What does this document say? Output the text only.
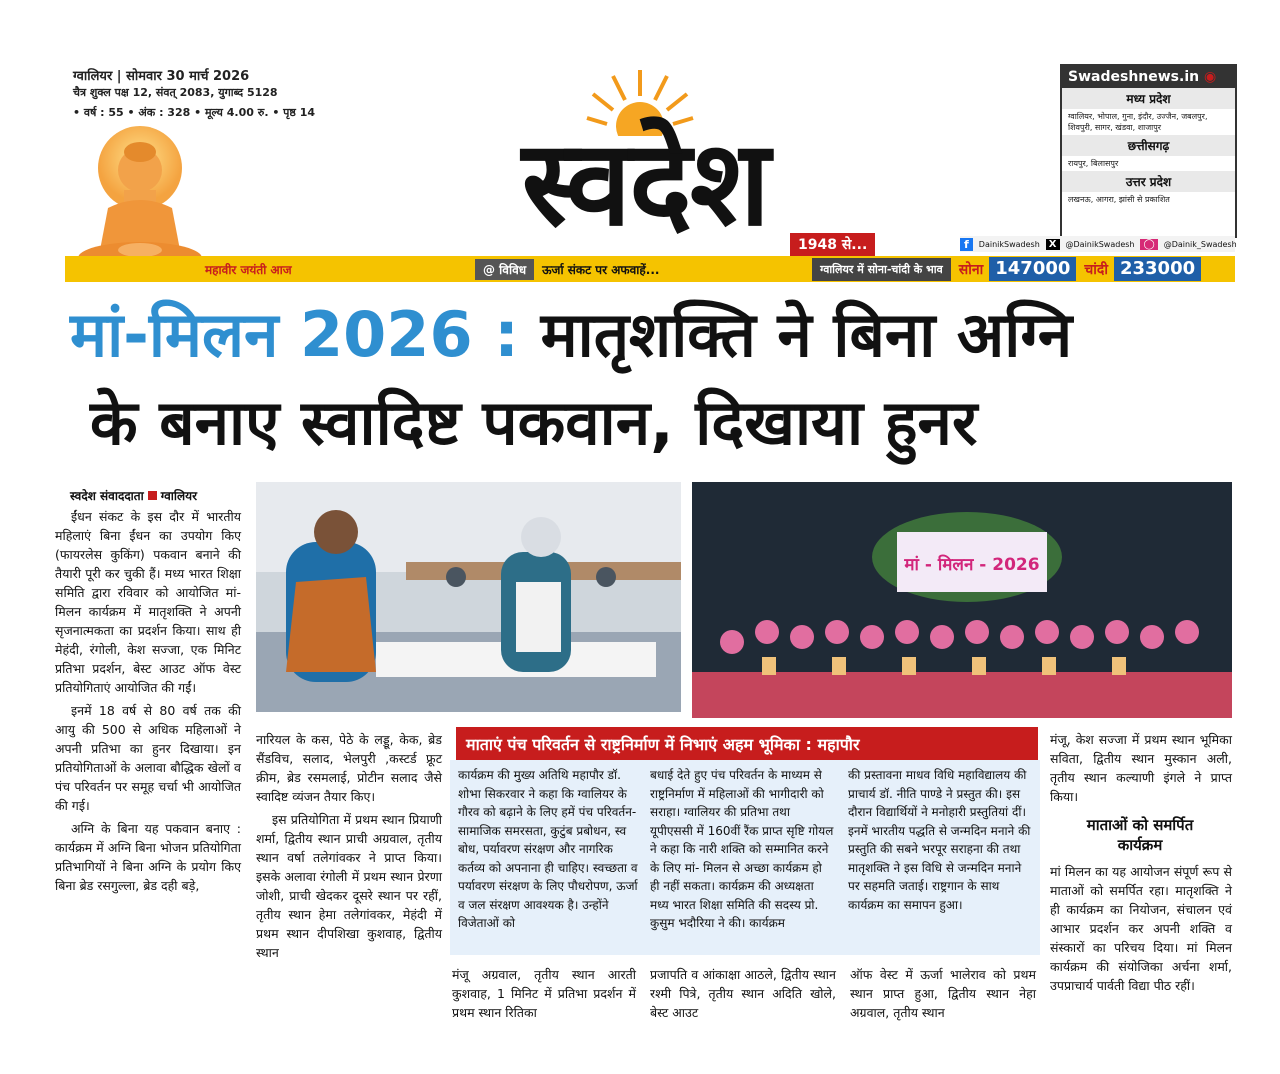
ग्वालियर | सोमवार 30 मार्च 2026
चैत्र शुक्ल पक्ष 12, संवत् 2083, युगाब्द 5128
• वर्ष : 55 • अंक : 328 • मूल्य 4.00 रु. • पृष्ठ 14
स्वदेश	1948 से...
Swadeshnews.in ◉
मध्य प्रदेश
ग्वालियर, भोपाल, गुना, इंदौर, उज्जैन, जबलपुर, शिवपुरी, सागर, खंडवा, शाजापुर
छत्तीसगढ़
रायपुर, बिलासपुर
उत्तर प्रदेश
लखनऊ, आगरा, झांसी से प्रकाशित
f	DainikSwadesh X	@DainikSwadesh ◯	@Dainik_Swadesh
महावीर जयंती आज	@ विविध	ऊर्जा संकट पर अफवाहें...	ग्वालियर में सोना-चांदी के भाव	सोना 147000	चांदी 233000
मां-मिलन 2026 : मातृशक्ति ने बिना अग्नि
के बनाए स्वादिष्ट पकवान, दिखाया हुनर
स्वदेश संवाददाता ग्वालियर

ईंधन संकट के इस दौर में भारतीय महिलाएं बिना ईंधन का उपयोग किए (फायरलेस कुकिंग) पकवान बनाने की तैयारी पूरी कर चुकी हैं। मध्य भारत शिक्षा समिति द्वारा रविवार को आयोजित मां-मिलन कार्यक्रम में मातृशक्ति ने अपनी सृजनात्मकता का प्रदर्शन किया। साथ ही मेहंदी, रंगोली, केश सज्जा, एक मिनिट प्रतिभा प्रदर्शन, बेस्ट आउट ऑफ वेस्ट प्रतियोगिताएं आयोजित की गईं।

इनमें 18 वर्ष से 80 वर्ष तक की आयु की 500 से अधिक महिलाओं ने अपनी प्रतिभा का हुनर दिखाया। इन प्रतियोगिताओं के अलावा बौद्धिक खेलों व पंच परिवर्तन पर समूह चर्चा भी आयोजित की गई।

अग्नि के बिना यह पकवान बनाए : कार्यक्रम में अग्नि बिना भोजन प्रतियोगिता प्रतिभागियों ने बिना अग्नि के प्रयोग किए बिना ब्रेड रसगुल्ला, ब्रेड दही बड़े,

मां - मिलन - 2026

नारियल के कस, पेठे के लड्डू, केक, ब्रेड सैंडविच, सलाद, भेलपुरी ,कस्टर्ड फ्रूट क्रीम, ब्रेड रसमलाई, प्रोटीन सलाद जैसे स्वादिष्ट व्यंजन तैयार किए।

इस प्रतियोगिता में प्रथम स्थान प्रियाणी शर्मा, द्वितीय स्थान प्राची अग्रवाल, तृतीय स्थान वर्षा तलेगांवकर ने प्राप्त किया। इसके अलावा रंगोली में प्रथम स्थान प्रेरणा जोशी, प्राची खेदकर दूसरे स्थान पर रहीं, तृतीय स्थान हेमा तलेगांवकर, मेहंदी में प्रथम स्थान दीपशिखा कुशवाह, द्वितीय स्थान

माताएं पंच परिवर्तन से राष्ट्रनिर्माण में निभाएं अहम भूमिका : महापौर
कार्यक्रम की मुख्य अतिथि महापौर डॉ. शोभा सिकरवार ने कहा कि ग्वालियर के गौरव को बढ़ाने के लिए हमें पंच परिवर्तन- सामाजिक समरसता, कुटुंब प्रबोधन, स्व बोध, पर्यावरण संरक्षण और नागरिक कर्तव्य को अपनाना ही चाहिए। स्वच्छता व पर्यावरण संरक्षण के लिए पौधरोपण, ऊर्जा व जल संरक्षण आवश्यक है। उन्होंने विजेताओं को
बधाई देते हुए पंच परिवर्तन के माध्यम से राष्ट्रनिर्माण में महिलाओं की भागीदारी को सराहा। ग्वालियर की प्रतिभा तथा यूपीएससी में 160वीं रैंक प्राप्त सृष्टि गोयल ने कहा कि नारी शक्ति को सम्मानित करने के लिए मां- मिलन से अच्छा कार्यक्रम हो ही नहीं सकता। कार्यक्रम की अध्यक्षता मध्य भारत शिक्षा समिति की सदस्य प्रो. कुसुम भदौरिया ने की। कार्यक्रम
की प्रस्तावना माधव विधि महाविद्यालय की प्राचार्य डॉ. नीति पाण्डे ने प्रस्तुत की। इस दौरान विद्यार्थियों ने मनोहारी प्रस्तुतियां दीं। इनमें भारतीय पद्धति से जन्मदिन मनाने की प्रस्तुति की सबने भरपूर सराहना की तथा मातृशक्ति ने इस विधि से जन्मदिन मनाने पर सहमति जताई। राष्ट्रगान के साथ कार्यक्रम का समापन हुआ।
मंजू अग्रवाल, तृतीय स्थान आरती कुशवाह, 1 मिनिट में प्रतिभा प्रदर्शन में प्रथम स्थान रितिका
प्रजापति व आंकाक्षा आठले, द्वितीय स्थान रश्मी पित्रे, तृतीय स्थान अदिति खोले, बेस्ट आउट
ऑफ वेस्ट में ऊर्जा भालेराव को प्रथम स्थान प्राप्त हुआ, द्वितीय स्थान नेहा अग्रवाल, तृतीय स्थान
मंजू, केश सज्जा में प्रथम स्थान भूमिका सविता, द्वितीय स्थान मुस्कान अली, तृतीय स्थान कल्याणी इंगले ने प्राप्त किया।
माताओं को समर्पित कार्यक्रम
मां मिलन का यह आयोजन संपूर्ण रूप से माताओं को समर्पित रहा। मातृशक्ति ने ही कार्यक्रम का नियोजन, संचालन एवं आभार प्रदर्शन कर अपनी शक्ति व संस्कारों का परिचय दिया। मां मिलन कार्यक्रम की संयोजिका अर्चना शर्मा, उपप्राचार्य पार्वती विद्या पीठ रहीं।
